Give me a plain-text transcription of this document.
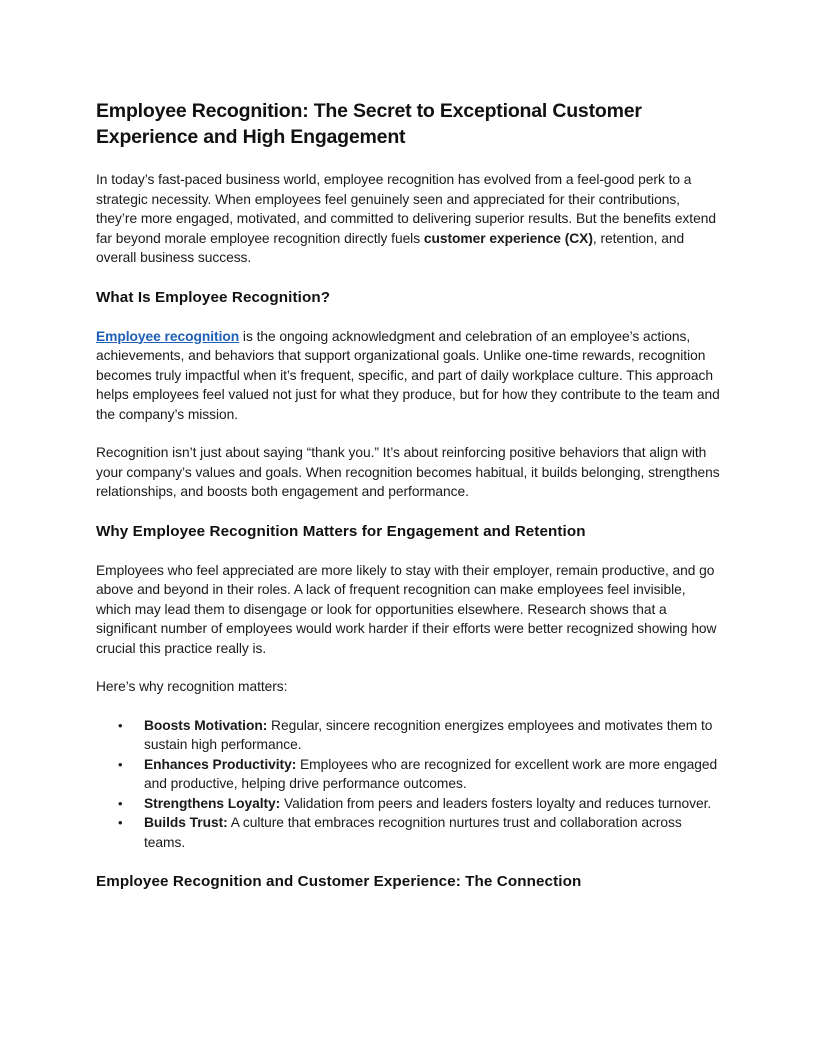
Employee Recognition: The Secret to Exceptional Customer Experience and High Engagement

In today’s fast-paced business world, employee recognition has evolved from a feel-good perk to a strategic necessity. When employees feel genuinely seen and appreciated for their contributions, they’re more engaged, motivated, and committed to delivering superior results. But the benefits extend far beyond morale employee recognition directly fuels customer experience (CX), retention, and overall business success.

What Is Employee Recognition?

Employee recognition is the ongoing acknowledgment and celebration of an employee’s actions, achievements, and behaviors that support organizational goals. Unlike one-time rewards, recognition becomes truly impactful when it’s frequent, specific, and part of daily workplace culture. This approach helps employees feel valued not just for what they produce, but for how they contribute to the team and the company’s mission.

Recognition isn’t just about saying “thank you.” It’s about reinforcing positive behaviors that align with your company’s values and goals. When recognition becomes habitual, it builds belonging, strengthens relationships, and boosts both engagement and performance.

Why Employee Recognition Matters for Engagement and Retention

Employees who feel appreciated are more likely to stay with their employer, remain productive, and go above and beyond in their roles. A lack of frequent recognition can make employees feel invisible, which may lead them to disengage or look for opportunities elsewhere. Research shows that a significant number of employees would work harder if their efforts were better recognized showing how crucial this practice really is.

Here’s why recognition matters:

• Boosts Motivation: Regular, sincere recognition energizes employees and motivates them to sustain high performance.
• Enhances Productivity: Employees who are recognized for excellent work are more engaged and productive, helping drive performance outcomes.
• Strengthens Loyalty: Validation from peers and leaders fosters loyalty and reduces turnover.
• Builds Trust: A culture that embraces recognition nurtures trust and collaboration across teams.
Employee Recognition and Customer Experience: The Connection
